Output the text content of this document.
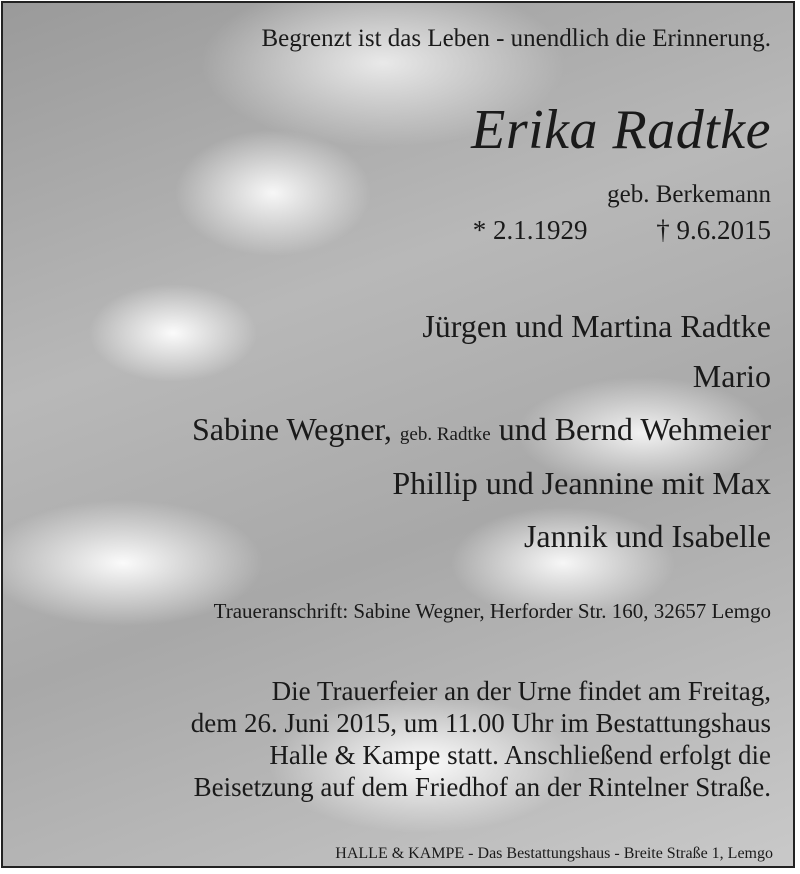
Begrenzt ist das Leben - unendlich die Erinnerung.
Erika Radtke
geb. Berkemann
* 2.1.1929	† 9.6.2015
Jürgen und Martina Radtke
Mario
Sabine Wegner, geb. Radtke und Bernd Wehmeier
Phillip und Jeannine mit Max
Jannik und Isabelle
Traueranschrift: Sabine Wegner, Herforder Str. 160, 32657 Lemgo
Die Trauerfeier an der Urne findet am Freitag,
dem 26. Juni 2015, um 11.00 Uhr im Bestattungshaus
Halle & Kampe statt. Anschließend erfolgt die
Beisetzung auf dem Friedhof an der Rintelner Straße.
HALLE & KAMPE - Das Bestattungshaus - Breite Straße 1, Lemgo
